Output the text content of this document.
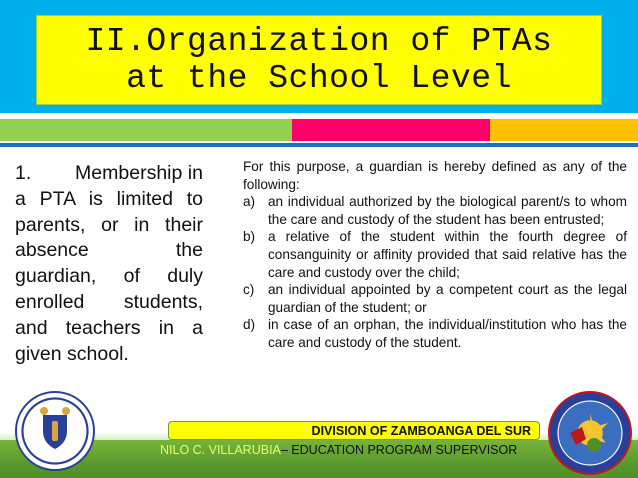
II.Organization of PTAs
at the School Level
1.        Membership in a PTA is limited to parents, or in their absence the guardian, of duly enrolled students, and teachers in a given school.
For this purpose, a guardian is hereby defined as any of the following:
a) an individual authorized by the biological parent/s to whom the care and custody of the student has been entrusted;
b) a relative of the student within the fourth degree of consanguinity or affinity provided that said relative has the care and custody over the child;
c)	an individual appointed by a competent court as the legal guardian of the student; or
d) in case of an orphan, the individual/institution who has the care and custody of the student.
DIVISION OF ZAMBOANGA DEL SUR
NILO C. VILLARUBIA– EDUCATION PROGRAM SUPERVISOR
